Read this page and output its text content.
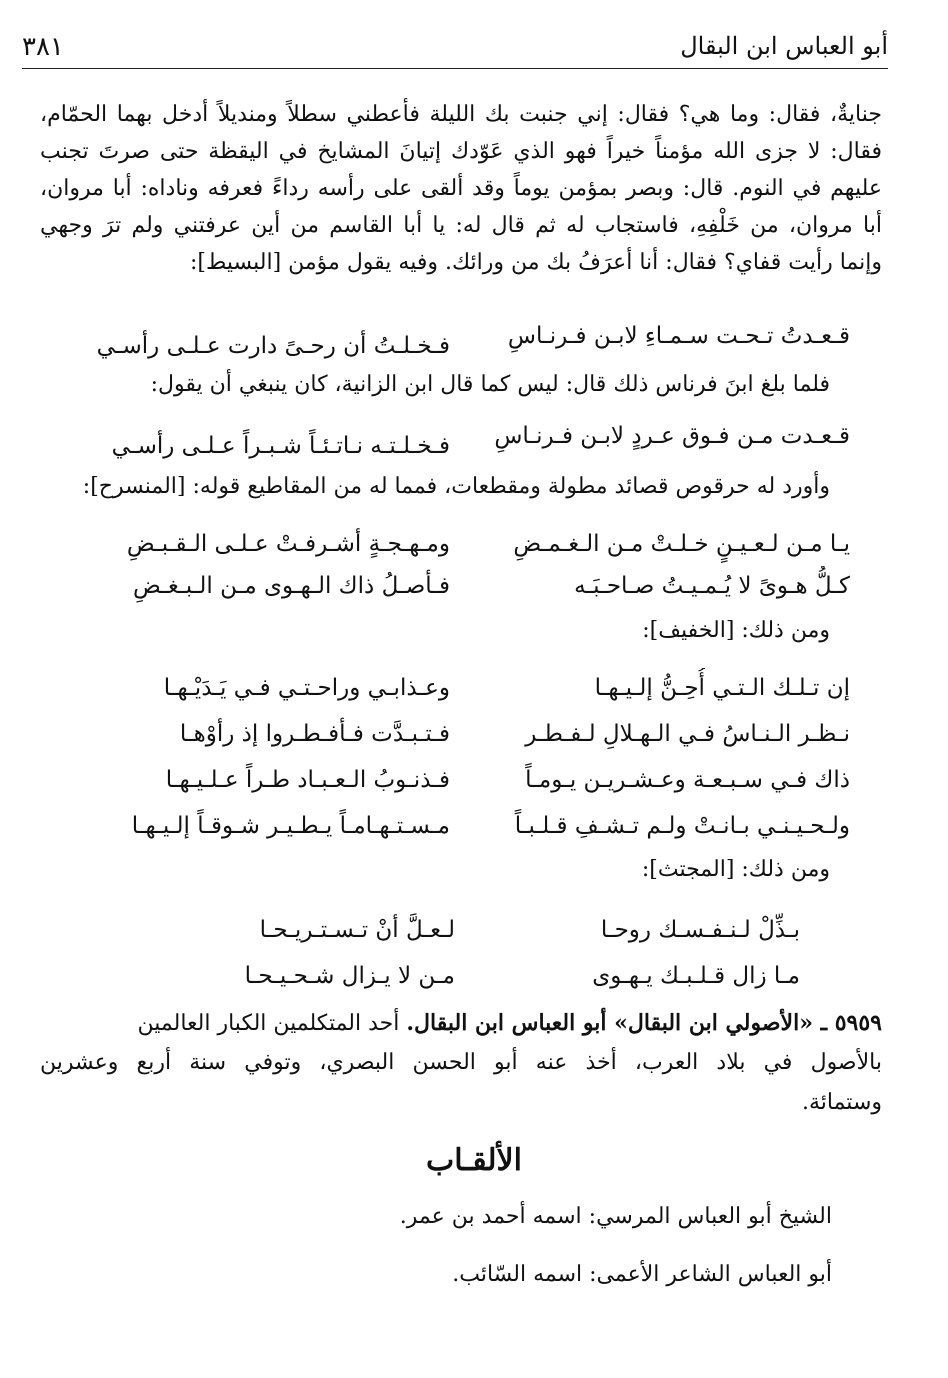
أبو العباس ابن البقال
٣٨١
جنايةٌ، فقال: وما هي؟ فقال: إني جنبت بك الليلة فأعطني سطلاً ومنديلاً أدخل بهما الحمّام،
فقال: لا جزى الله مؤمناً خيراً فهو الذي عَوّدك إتيانَ المشايخ في اليقظة حتى صرتَ تجنب
عليهم في النوم. قال: وبصر بمؤمن يوماً وقد ألقى على رأسه رداءً فعرفه وناداه: أبا مروان،
أبا مروان، من خَلْفِهِ، فاستجاب له ثم قال له: يا أبا القاسم من أين عرفتني ولم ترَ وجهي
وإنما رأيت قفاي؟ فقال: أنا أعرَفُ بك من ورائك. وفيه يقول مؤمن [البسيط]:
قـعـدتُ تـحـت سـمـاءِ لابـن فـرنـاسِ
فـخـلـتُ أن رحـىً دارت عـلـى رأسـي
فلما بلغ ابنَ فرناس ذلك قال: ليس كما قال ابن الزانية، كان ينبغي أن يقول:
قـعـدت مـن فـوق عـردٍ لابـن فـرنـاسِ
فـخـلـتـه نـاتـئـاً شـبـراً عـلـى رأسـي
وأورد له حرقوص قصائد مطولة ومقطعات، فمما له من المقاطيع قوله: [المنسرح]:
يـا مـن لـعـيـنٍ خـلـتْ مـن الـغـمـضِ
ومـهـجـةٍ أشـرفـتْ عـلـى الـقـبـضِ
كـلُّ هـوىً لا يُـمـيـتُ صـاحـبَـه
فـأصـلُ ذاك الـهـوى مـن الـبـغـضِ
ومن ذلك: [الخفيف]:
إن تـلـك الـتـي أُحِـنُّ إلـيـهـا
وعـذابـي وراحـتـي فـي يَـدَيْـهـا
نـظـر الـنـاسُ فـي الـهـلالِ لـفـطـر
فـتـبـدَّت فـأفـطـروا إذ رأوْهـا
ذاك فـي سـبـعـة وعـشـريـن يـومـاً
فـذنـوبُ الـعـبـاد طـراً عـلـيـهـا
ولـحـيـنـي بـانـتْ ولـم تـشـفِ قـلـبـاً
مـسـتـهـامـاً يـطـيـر شـوقـاً إلـيـهـا
ومن ذلك: [المجتث]:
بـذِّلْ لـنـفـسـك روحـا
لـعـلَّ أنْ تـسـتـريـحـا
مـا زال قـلـبـك يـهـوى
مـن لا يـزال شـحـيـحـا
٥٩٥٩ ـ «الأصولي ابن البقال» أبو العباس ابن البقال. أحد المتكلمين الكبار العالمين
بالأصول في بلاد العرب، أخذ عنه أبو الحسن البصري، وتوفي سنة أربع وعشرين
وستمائة.
الألقـاب
الشيخ أبو العباس المرسي: اسمه أحمد بن عمر.
أبو العباس الشاعر الأعمى: اسمه السّائب.
